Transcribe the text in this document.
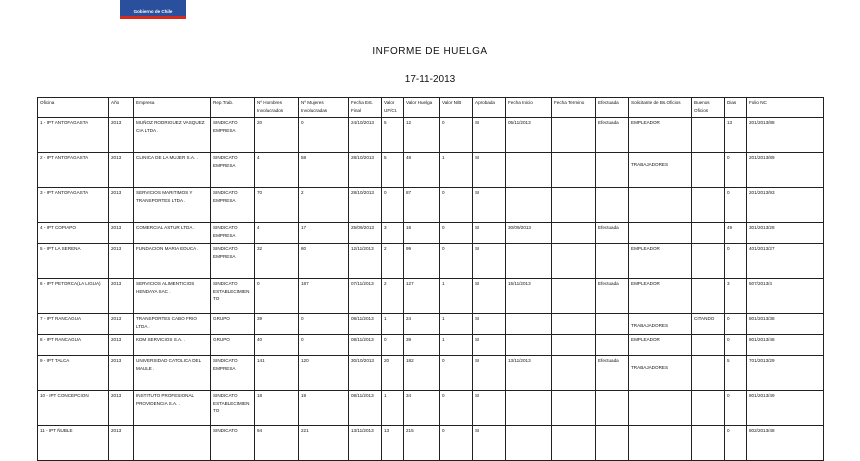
Gobierno de Chile
INFORME DE HUELGA
17-11-2013
Oficina	Año	Empresa	Rep.Trab.	Nº Hombres Involucrados	Nº Mujeres Involucradas	Fecha Est. Final	Valor UF/Ct.	Valor Huelga	Valor N/B	Aprobada	Fecha Inicio	Fecha Termino	Efectuada	Solicitante de Bs.Oficios	Buenos Oficios	Dias	Folio NC
1 - IPT ANTOFAGASTA	2013	MUÑOZ RODRIGUEZ VASQUEZ CIA LTDA .	SINDICATO EMPRESA	20	0	24/10/2013	5	12	0	SI	05/11/2013		Efectuada	EMPLEADOR		13	201/2013/88
2 - IPT ANTOFAGASTA	2013	CLINICA DE LA MUJER S.A. .	SINDICATO EMPRESA	4	58	28/10/2013	5	48	1	SI				TRABAJADORES		0	201/2013/89
3 - IPT ANTOFAGASTA	2013	SERVICIOS MARITIMOS Y TRANSPORTES LTDA .	SINDICATO EMPRESA	70	2	28/10/2013	0	87	0	SI						0	201/2013/93
4 - IPT COPIAPO	2013	COMERCIAL ASTUR LTDA .	SINDICATO EMPRESA	4	17	25/09/2013	3	18	0	SI	30/09/2013		Efectuada			49	301/2013/28
5 - IPT LA SERENA	2013	FUNDACION MARIA EDUCA .	SINDICATO EMPRESA	32	80	12/11/2013	2	99	0	SI				EMPLEADOR		0	401/2013/27
6 - IPT PETORCA(LA LIGUA)	2013	SERVICIOS ALIMENTICIOS HENDAYA SAC .	SINDICATO ESTABLECIMIENTO	0	187	07/11/2013	2	127	1	SI	15/11/2013		Efectuada	EMPLEADOR		3	507/2013/4
7 - IPT RANCAGUA	2013	TRANSPORTES CABO FRIO LTDA .	GRUPO	39	0	08/11/2013	1	24	1	SI				TRABAJADORES	CITANDO	0	801/2013/38
8 - IPT RANCAGUA	2013	KDM SERVICIOS S.A. .	GRUPO	40	0	08/11/2013	0	39	1	SI				EMPLEADOR		0	801/2013/48
9 - IPT TALCA	2013	UNIVERSIDAD CATOLICA DEL MAULE .	SINDICATO EMPRESA	141	120	30/10/2013	20	182	0	SI	13/11/2013		Efectuada	TRABAJADORES		5	701/2013/29
10 - IPT CONCEPCION	2013	INSTITUTO PROFESIONAL PROVIDENCIA S.A. .	SINDICATO ESTABLECIMIENTO	18	19	08/11/2013	1	34	0	SI						0	801/2013/49
11 - IPT ÑUBLE	2013		SINDICATO	94	221	13/11/2013	13	215	0	SI						0	802/2013/48
